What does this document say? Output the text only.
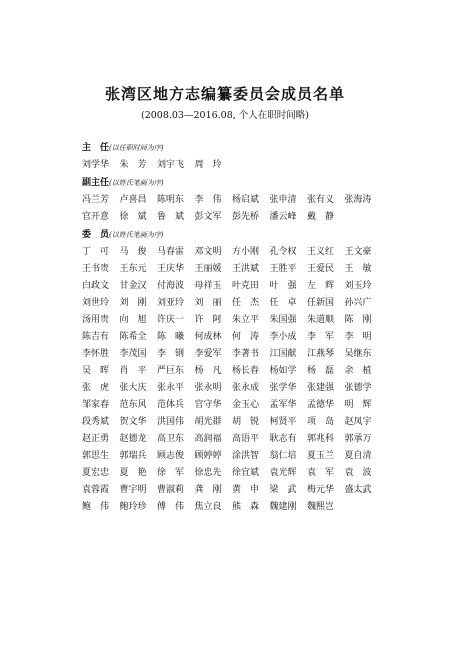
张湾区地方志编纂委员会成员名单
(2008.03—2016.08, 个人在职时间略)
主　任(以任职时间为序)
刘学华	朱　芳	刘宇飞	周　玲
副主任(以姓氏笔画为序)
冯兰芳	卢喜昌	陈明东	李　伟	杨启斌	张申清	张有义	张海涛
官开意	徐　斌	鲁　斌	彭文军	彭先桥	潘云峰	戴　静
委　员(以姓氏笔画为序)
丁　可	马　俊	马春雷	邓文明	方小刚	孔令权	王义红	王文豪
王书贵	王东元	王庆华	王丽媛	王洪斌	王胜平	王爱民	王　敏
白政文	甘金汉	付海波	母祥玉	叶克田	叶　强	左　辉	刘玉玲
刘世玲	刘　刚	刘亚玲	刘　丽	任　杰	任　卓	任新国	孙兴广
汤用贵	向　旭	许庆一	许　阿	朱立平	朱国强	朱道顺	陈　刚
陈吉有	陈希全	陈　曦	何成林	何　涛	李小成	李　军	李　明
李怀胜	李茂国	李　钢	李爱军	李著书	江国献	江燕琴	吴继东
吴　晖	肖　平	严巨东	杨　凡	杨长春	杨如学	杨　磊	余　植
张　虎	张大庆	张永平	张永明	张永成	张学华	张建强	张德学
邹家春	范东风	范体兵	官守华	金玉心	孟军华	孟德华	明　辉
段秀斌	贺文华	洪国伟	胡光群	胡　锐	柯贤平	项　岛	赵凤宇
赵正勇	赵德龙	高卫东	高润福	高语平	耿志有	郭兆科	郭承万
郭思生	郭瑞兵	顾志俊	顾婷婷	涂洪智	翁仁培	夏玉兰	夏自清
夏宏忠	夏　艳	徐　军	徐忠先	徐宜斌	袁光辉	袁　军	袁　波
袁蓉霞	曹宇明	曹淑莉	龚　刚	黄　申	梁　武	梅元华	盛太武
鲍　伟	鲍玲珍	傅　伟	焦立良	熊　森	魏建刚	魏熙岂
